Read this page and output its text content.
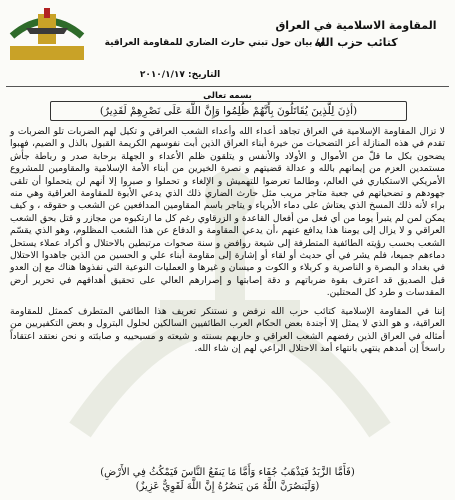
المقاومة الاسلامية في العراق
كتائب حزب الله
م/ بيان حول تبني حارث الضاري للمقاومة العراقية
التاريخ: ٢٠١٠/١/١٧
بسمه تعالى
(أذِنَ لِلَّذِينَ يُقَاتَلُونَ بِأَنَّهُمْ ظُلِمُوا وَإِنَّ اللَّهَ عَلَى نَصْرِهِمْ لَقَدِيرٌ)

لا تزال المقاومة الإسلامية في العراق تجاهد أعداء الله وأعداء الشعب العراقي و تكيل لهم الضربات تلو الضربات و تقدم في هذه المنازلة أعز التضحيات من خيرة أبناء العراق الذين أبت نفوسهم الكريمة القبول بالذل و الضيم، فهبوا يضحون بكل ما قلّ من الأموال و الأولاد والأنفس و يتلقون ظلم الأعداء و الجهلة برحابة صدر و رباطة جأش مستمدين العزم من إيمانهم بالله و عدالة قضيتهم و نصرة الخيرين من أبناء الأمة الإسلامية والمقاومين للمشروع الأمريكي الاستكباري في العالم، وطالما تعرضوا للتهميش و الإلغاء و تحملوا و صبروا إلا أنهم لن يتحملوا أن تلقى جهودهم و تضحياتهم في جعبة متاجر مريب مثل حارث الضاري ذلك الذي يدعي الأبوة للمقاومة العراقية وهي منه براء لأنه ذلك المسخ الذي يعتاش على دماء الأبرياء و يتاجر باسم المقاومين المدافعين عن الشعب و حقوقه ، و كيف يمكن لمن لم يتبرأ يوما من أي فعل من أفعال القاعدة و الزرقاوي رغم كل ما ارتكبوه من مجازر و قتل بحق الشعب العراقي و لا يزال إلى يومنا هذا يدافع عنهم ،أن يدعي المقاومة و الدفاع عن هذا الشعب المظلوم، وهو الذي يقسّم الشعب بحسب رؤيته الطائفية المتطرفة إلى شيعة روافض و سنة صحوات مرتبطين بالاحتلال و أكراد عملاء يستحل دماءهم جميعا، فلم يشر في أي حديث أو لقاء أو إشارة إلى مقاومة أبناء علي و الحسين من الذين جاهدوا الاحتلال في بغداد و البصرة و الناصرية و كربلاء و الكوت و ميسان و غيرها و العمليات النوعية التي نفذوها هناك مع إن العدو قبل الصديق قد اعترف بقوة ضرباتهم و دقة إصابتها و إصرارهم العالي على تحقيق أهدافهم في تحرير أرض المقدسات و طرد كل المحتلين.

إننا في المقاومة الإسلامية كتائب حزب الله نرفض و نستنكر تعريف هذا الطائفي المتطرف كممثل للمقاومة العراقية، و هو الذي لا يمثل إلا أجندة بعض الحكام العرب الطائفيين السالكين لحلول البترول و بعض التكفيريين من أمثاله في العراق الذين رفضهم الشعب العراقي و حاربهم بسنته و شيعته و مسيحييه و صابئته و نحن نعتقد اعتقاداً راسخاً إن أمدهم ينتهي بانتهاء أمد الاحتلال الراعي لهم إن شاء الله.

(فَأَمَّا الزَّبَدُ فَيَذْهَبُ جُفَاء وَأَمَّا مَا يَنفَعُ النَّاسَ فَيَمْكُثُ فِي الأَرْضِ)
(وَلَيَنصُرَنَّ اللَّهُ مَن يَنصُرُهُ إِنَّ اللَّهَ لَقَوِيٌّ عَزِيزٌ)
